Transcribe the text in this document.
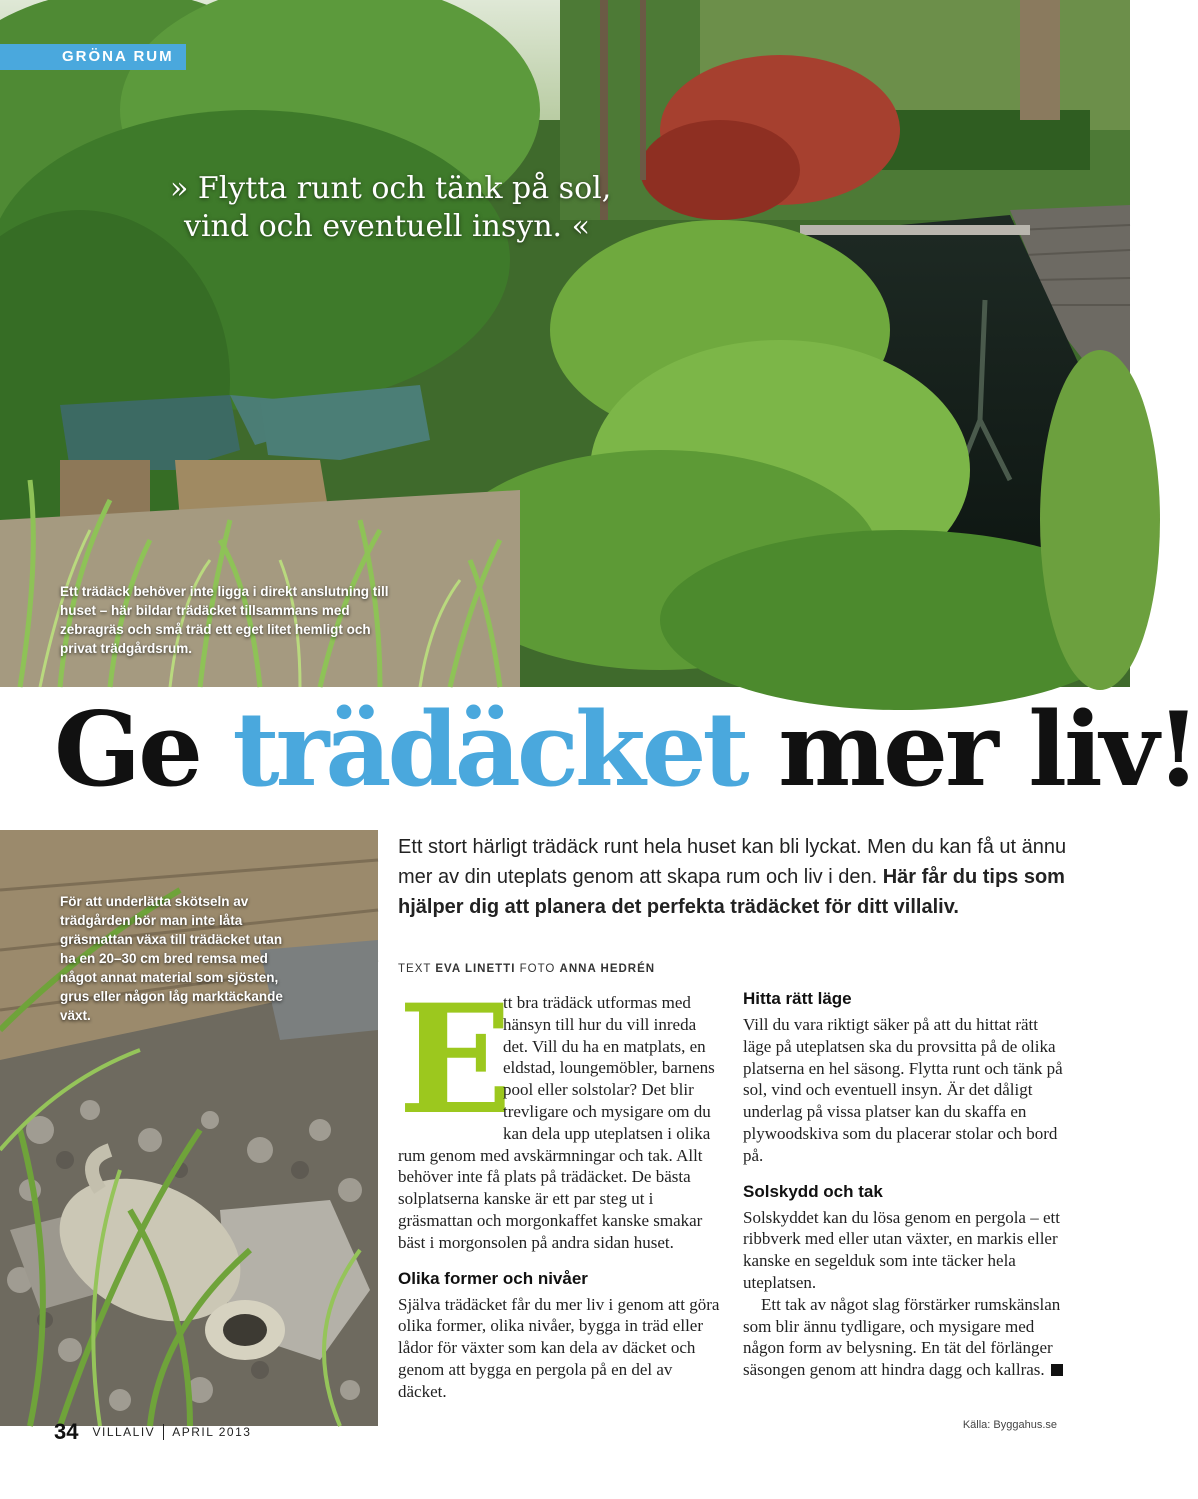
GRÖNA RUM
» Flytta runt och tänk på sol,
vind och eventuell insyn. «
Ett trädäck behöver inte ligga i direkt anslutning till huset – här bildar trädäcket tillsammans med zebragräs och små träd ett eget litet hemligt och privat trädgårdsrum.
Ge trädäcket mer liv!
För att underlätta skötseln av trädgården bör man inte låta gräsmattan växa till trädäcket utan ha en 20–30 cm bred remsa med något annat material som sjösten, grus eller någon låg marktäckande växt.
Ett stort härligt trädäck runt hela huset kan bli lyckat. Men du kan få ut ännu mer av din uteplats genom att skapa rum och liv i den. Här får du tips som hjälper dig att planera det perfekta trädäcket för ditt villaliv.
TEXT EVA LINETTI FOTO ANNA HEDRÉN

E
tt bra trädäck utformas med hänsyn till hur du vill inreda det. Vill du ha en matplats, en eldstad, loungemöbler, barnens pool eller solstolar? Det blir trevligare och mysigare om du kan dela upp uteplatsen i olika rum genom med avskärmningar och tak. Allt behöver inte få plats på trädäcket. De bästa solplatserna kanske är ett par steg ut i gräsmattan och morgonkaffet kanske smakar bäst i morgonsolen på andra sidan huset.

Olika former och nivåer

Själva trädäcket får du mer liv i genom att göra olika former, olika nivåer, bygga in träd eller lådor för växter som kan dela av däcket och genom att bygga en pergola på en del av däcket.

Hitta rätt läge

Vill du vara riktigt säker på att du hittat rätt läge på uteplatsen ska du provsitta på de olika platserna en hel säsong. Flytta runt och tänk på sol, vind och eventuell insyn. Är det dåligt underlag på vissa platser kan du skaffa en plywoodskiva som du placerar stolar och bord på.

Solskydd och tak

Solskyddet kan du lösa genom en pergola – ett ribbverk med eller utan växter, en markis eller kanske en segelduk som inte täcker hela uteplatsen.

Ett tak av något slag förstärker rumskänslan som blir ännu tydligare, och mysigare med någon form av belysning. En tät del förlänger säsongen genom att hindra dagg och kallras.

Källa: Byggahus.se
34 VILLALIV APRIL 2013
